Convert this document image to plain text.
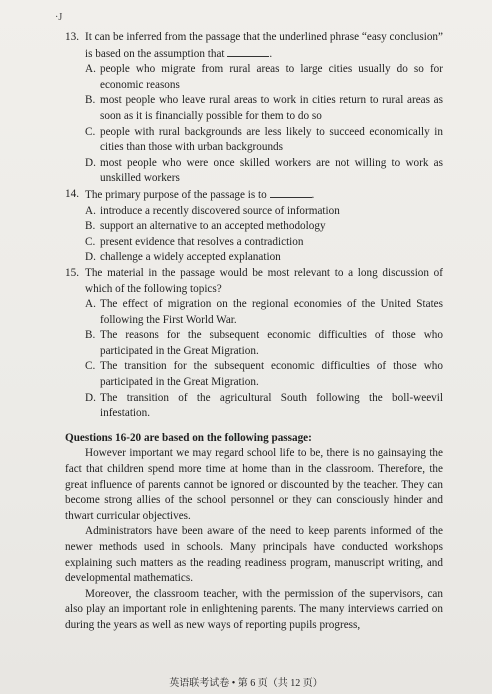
·J
13. It can be inferred from the passage that the underlined phrase “easy conclusion” is based on the assumption that	.
A. people who migrate from rural areas to large cities usually do so for economic reasons
B. most people who leave rural areas to work in cities return to rural areas as soon as it is financially possible for them to do so
C. people with rural backgrounds are less likely to succeed economically in cities than those with urban backgrounds
D. most people who were once skilled workers are not willing to work as unskilled workers
14. The primary purpose of the passage is to	.
A. introduce a recently discovered source of information
B. support an alternative to an accepted methodology
C. present evidence that resolves a contradiction
D. challenge a widely accepted explanation
15. The material in the passage would be most relevant to a long discussion of which of the following topics?
A. The effect of migration on the regional economies of the United States following the First World War.
B. The reasons for the subsequent economic difficulties of those who participated in the Great Migration.
C. The transition for the subsequent economic difficulties of those who participated in the Great Migration.
D. The transition of the agricultural South following the boll-weevil infestation.
Questions 16-20 are based on the following passage:

However important we may regard school life to be, there is no gainsaying the fact that children spend more time at home than in the classroom. Therefore, the great influence of parents cannot be ignored or discounted by the teacher. They can become strong allies of the school personnel or they can consciously hinder and thwart curricular objectives.

Administrators have been aware of the need to keep parents informed of the newer methods used in schools. Many principals have conducted workshops explaining such matters as the reading readiness program, manuscript writing, and developmental mathematics.

Moreover, the classroom teacher, with the permission of the supervisors, can also play an important role in enlightening parents. The many interviews carried on during the years as well as new ways of reporting pupils progress,

英语联考试卷 • 第 6 页（共 12 页）
